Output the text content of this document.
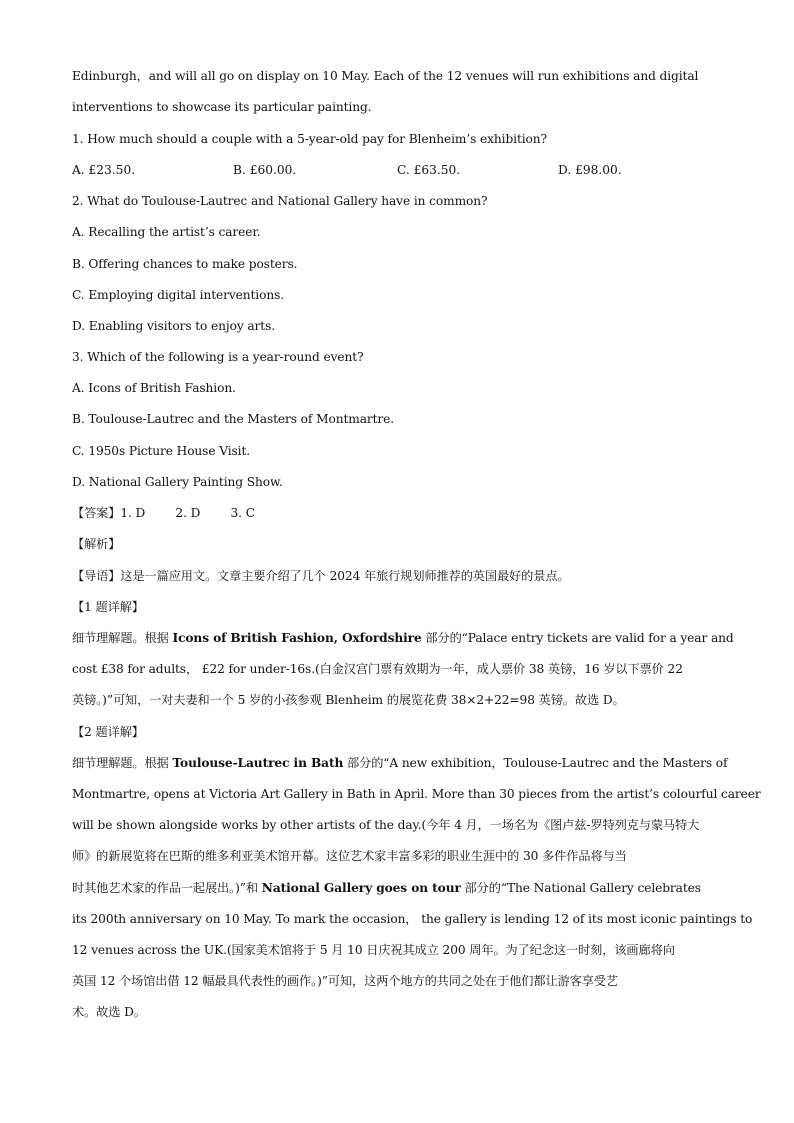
Edinburgh，and will all go on display on 10 May. Each of the 12 venues will run exhibitions and digital
interventions to showcase its particular painting.
1. How much should a couple with a 5-year-old pay for Blenheim’s exhibition?
A. £23.50.	B. £60.00.	C. £63.50.	D. £98.00.
2. What do Toulouse-Lautrec and National Gallery have in common?
A. Recalling the artist’s career.
B. Offering chances to make posters.
C. Employing digital interventions.
D. Enabling visitors to enjoy arts.
3. Which of the following is a year-round event?
A. Icons of British Fashion.
B. Toulouse-Lautrec and the Masters of Montmartre.
C. 1950s Picture House Visit.
D. National Gallery Painting Show.
【答案】1. D        2. D        3. C
【解析】
【导语】这是一篇应用文。文章主要介绍了几个 2024 年旅行规划师推荐的英国最好的景点。
【1 题详解】
细节理解题。根据 Icons of British Fashion, Oxfordshire 部分的“Palace entry tickets are valid for a year and
cost £38 for adults， £22 for under-16s.(白金汉宫门票有效期为一年，成人票价 38 英镑，16 岁以下票价 22
英镑。)”可知，一对夫妻和一个 5 岁的小孩参观 Blenheim 的展览花费 38×2+22=98 英镑。故选 D。
【2 题详解】
细节理解题。根据 Toulouse-Lautrec in Bath 部分的“A new exhibition，Toulouse-Lautrec and the Masters of
Montmartre, opens at Victoria Art Gallery in Bath in April. More than 30 pieces from the artist’s colourful career
will be shown alongside works by other artists of the day.(今年 4 月，一场名为《图卢兹-罗特列克与蒙马特大
师》的新展览将在巴斯的维多利亚美术馆开幕。这位艺术家丰富多彩的职业生涯中的 30 多件作品将与当
时其他艺术家的作品一起展出。)”和 National Gallery goes on tour 部分的“The National Gallery celebrates
its 200th anniversary on 10 May. To mark the occasion， the gallery is lending 12 of its most iconic paintings to
12 venues across the UK.(国家美术馆将于 5 月 10 日庆祝其成立 200 周年。为了纪念这一时刻，该画廊将向
英国 12 个场馆出借 12 幅最具代表性的画作。)”可知，这两个地方的共同之处在于他们都让游客享受艺
术。故选 D。
